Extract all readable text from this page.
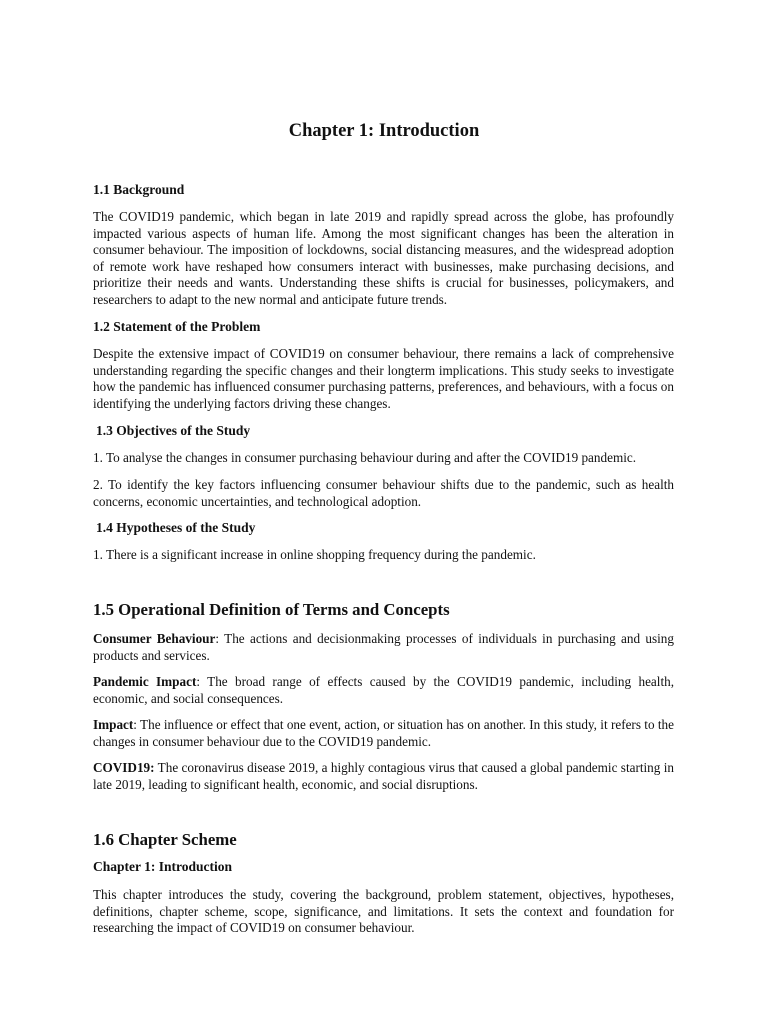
Chapter 1: Introduction
1.1 Background

The COVID19 pandemic, which began in late 2019 and rapidly spread across the globe, has profoundly impacted various aspects of human life. Among the most significant changes has been the alteration in consumer behaviour. The imposition of lockdowns, social distancing measures, and the widespread adoption of remote work have reshaped how consumers interact with businesses, make purchasing decisions, and prioritize their needs and wants. Understanding these shifts is crucial for businesses, policymakers, and researchers to adapt to the new normal and anticipate future trends.

1.2 Statement of the Problem

Despite the extensive impact of COVID19 on consumer behaviour, there remains a lack of comprehensive understanding regarding the specific changes and their longterm implications. This study seeks to investigate how the pandemic has influenced consumer purchasing patterns, preferences, and behaviours, with a focus on identifying the underlying factors driving these changes.

1.3 Objectives of the Study

1. To analyse the changes in consumer purchasing behaviour during and after the COVID19 pandemic.

2. To identify the key factors influencing consumer behaviour shifts due to the pandemic, such as health concerns, economic uncertainties, and technological adoption.

1.4 Hypotheses of the Study

1. There is a significant increase in online shopping frequency during the pandemic.

1.5 Operational Definition of Terms and Concepts

Consumer Behaviour: The actions and decisionmaking processes of individuals in purchasing and using products and services.

Pandemic Impact: The broad range of effects caused by the COVID19 pandemic, including health, economic, and social consequences.

Impact: The influence or effect that one event, action, or situation has on another. In this study, it refers to the changes in consumer behaviour due to the COVID19 pandemic.

COVID19: The coronavirus disease 2019, a highly contagious virus that caused a global pandemic starting in late 2019, leading to significant health, economic, and social disruptions.

1.6 Chapter Scheme
Chapter 1: Introduction

This chapter introduces the study, covering the background, problem statement, objectives, hypotheses, definitions, chapter scheme, scope, significance, and limitations. It sets the context and foundation for researching the impact of COVID19 on consumer behaviour.
